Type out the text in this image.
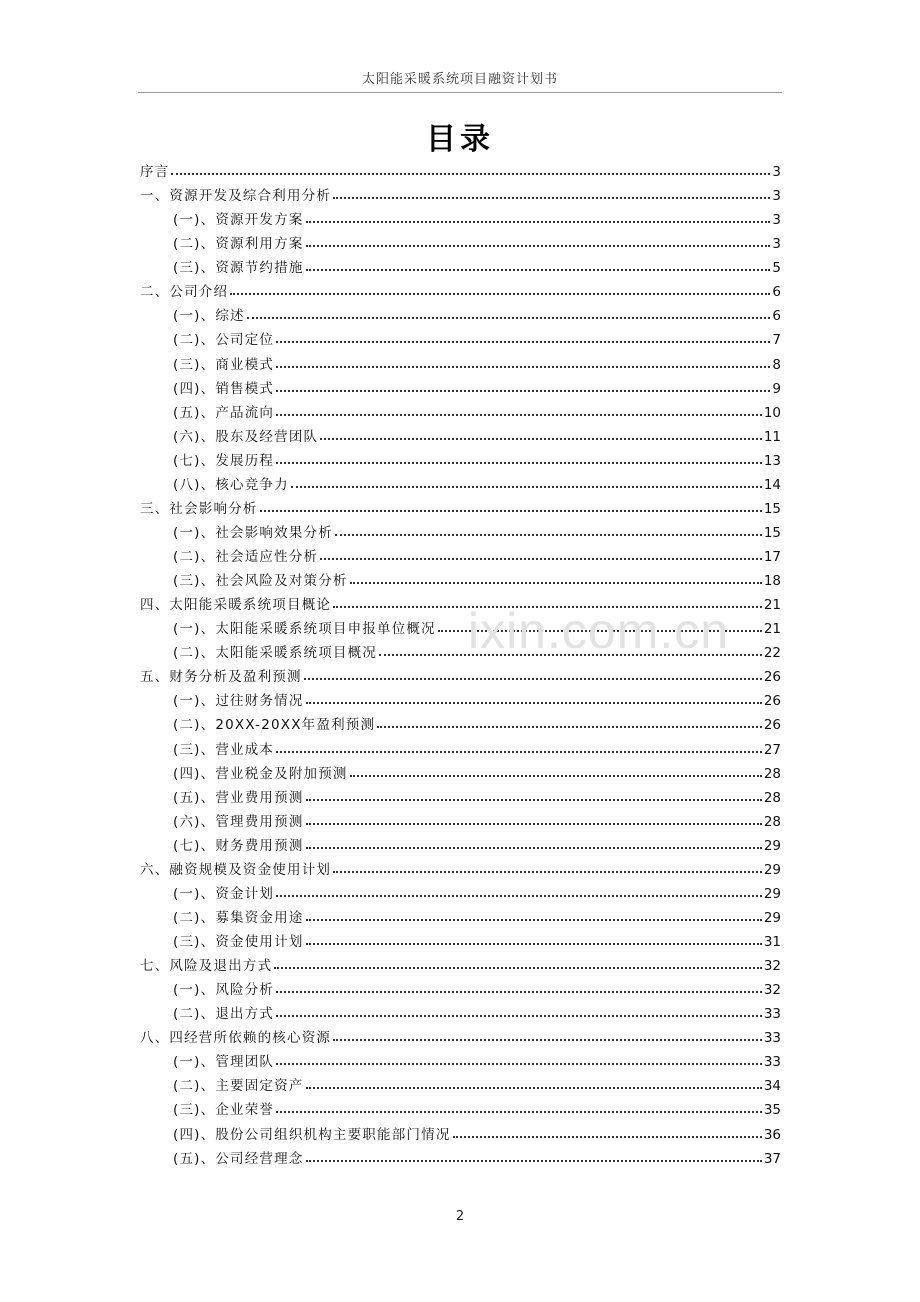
太阳能采暖系统项目融资计划书
目录
序言	3
一、资源开发及综合利用分析	3
(一)、资源开发方案	3
(二)、资源利用方案	3
(三)、资源节约措施	5
二、公司介绍	6
(一)、综述	6
(二)、公司定位	7
(三)、商业模式	8
(四)、销售模式	9
(五)、产品流向	10
(六)、股东及经营团队	11
(七)、发展历程	13
(八)、核心竞争力	14
三、社会影响分析	15
(一)、社会影响效果分析	15
(二)、社会适应性分析	17
(三)、社会风险及对策分析	18
四、太阳能采暖系统项目概论	21
(一)、太阳能采暖系统项目申报单位概况	21
(二)、太阳能采暖系统项目概况	22
五、财务分析及盈利预测	26
(一)、过往财务情况	26
(二)、20XX-20XX年盈利预测	26
(三)、营业成本	27
(四)、营业税金及附加预测	28
(五)、营业费用预测	28
(六)、管理费用预测	28
(七)、财务费用预测	29
六、融资规模及资金使用计划	29
(一)、资金计划	29
(二)、募集资金用途	29
(三)、资金使用计划	31
七、风险及退出方式	32
(一)、风险分析	32
(二)、退出方式	33
八、四经营所依赖的核心资源	33
(一)、管理团队	33
(二)、主要固定资产	34
(三)、企业荣誉	35
(四)、股份公司组织机构主要职能部门情况	36
(五)、公司经营理念	37
ixin.com.cn
2
